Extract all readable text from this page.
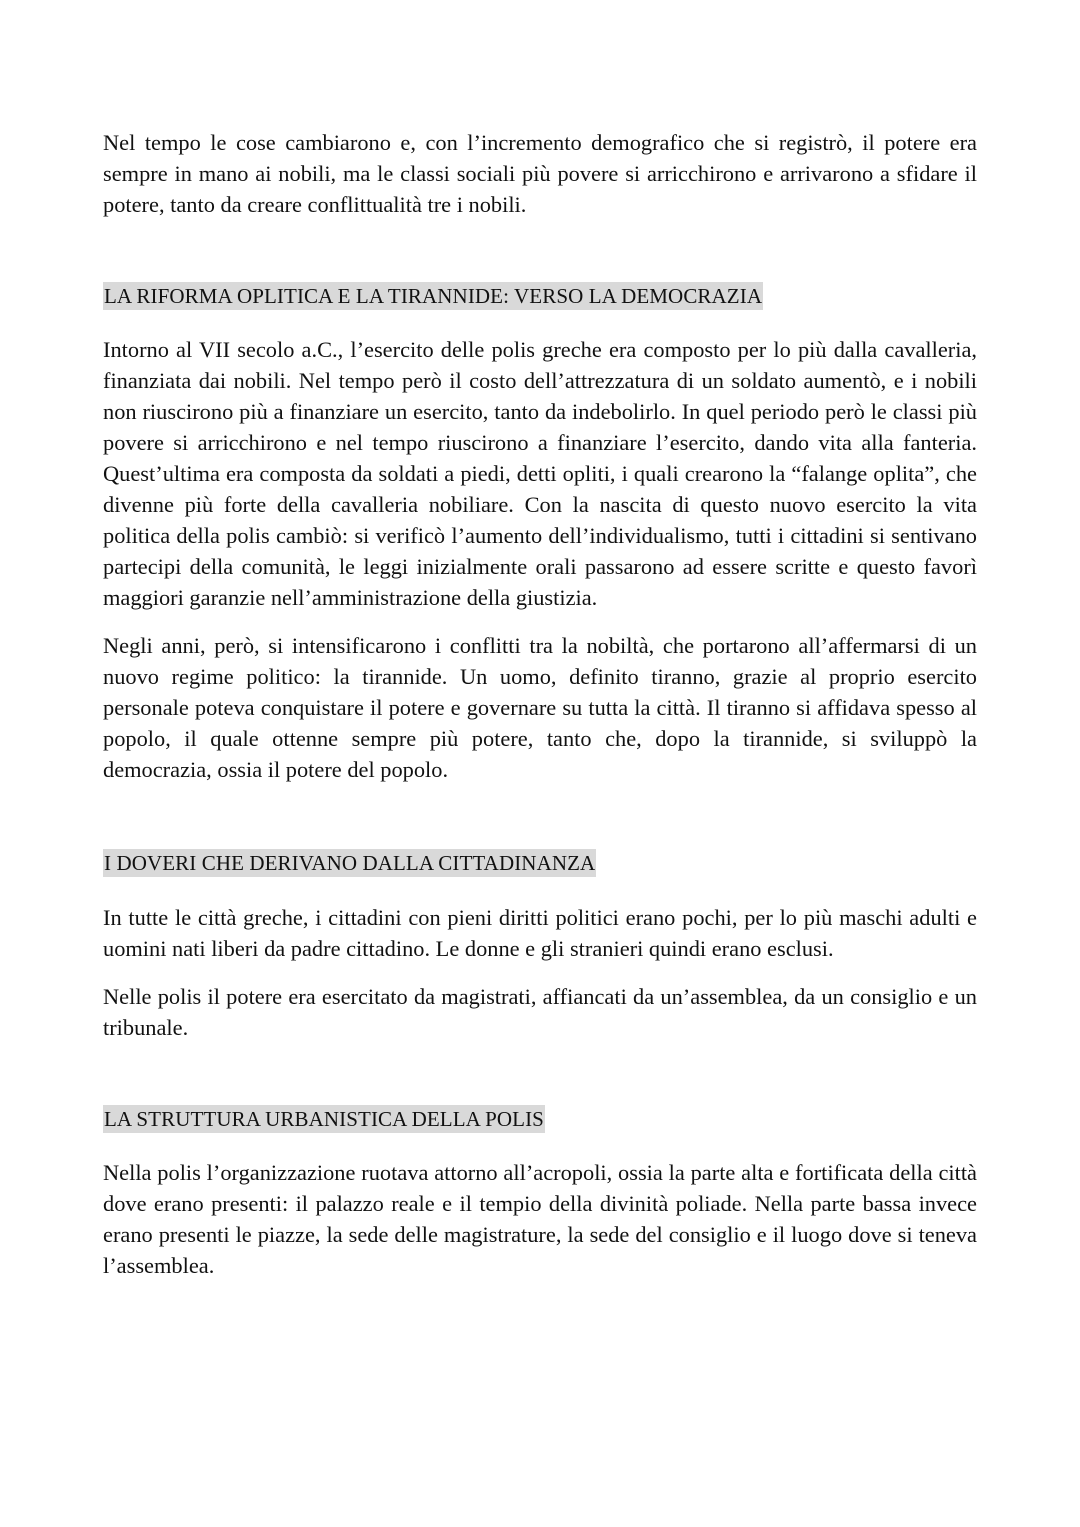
Nel tempo le cose cambiarono e, con l’incremento demografico che si registrò, il potere era sempre in mano ai nobili, ma le classi sociali più povere si arricchirono e arrivarono a sfidare il potere, tanto da creare conflittualità tre i nobili.

LA RIFORMA OPLITICA E LA TIRANNIDE: VERSO LA DEMOCRAZIA

Intorno al VII secolo a.C., l’esercito delle polis greche era composto per lo più dalla cavalleria, finanziata dai nobili. Nel tempo però il costo dell’attrezzatura di un soldato aumentò, e i nobili non riuscirono più a finanziare un esercito, tanto da indebolirlo. In quel periodo però le classi più povere si arricchirono e nel tempo riuscirono a finanziare l’esercito, dando vita alla fanteria. Quest’ultima era composta da soldati a piedi, detti opliti, i quali crearono la “falange oplita”, che divenne più forte della cavalleria nobiliare. Con la nascita di questo nuovo esercito la vita politica della polis cambiò: si verificò l’aumento dell’individualismo, tutti i cittadini si sentivano partecipi della comunità, le leggi inizialmente orali passarono ad essere scritte e questo favorì maggiori garanzie nell’amministrazione della giustizia.

Negli anni, però, si intensificarono i conflitti tra la nobiltà, che portarono all’affermarsi di un nuovo regime politico: la tirannide. Un uomo, definito tiranno, grazie al proprio esercito personale poteva conquistare il potere e governare su tutta la città. Il tiranno si affidava spesso al popolo, il quale ottenne sempre più potere, tanto che, dopo la tirannide, si sviluppò la democrazia, ossia il potere del popolo.

I DOVERI CHE DERIVANO DALLA CITTADINANZA

In tutte le città greche, i cittadini con pieni diritti politici erano pochi, per lo più maschi adulti e uomini nati liberi da padre cittadino. Le donne e gli stranieri quindi erano esclusi.

Nelle polis il potere era esercitato da magistrati, affiancati da un’assemblea, da un consiglio e un tribunale.

LA STRUTTURA URBANISTICA DELLA POLIS

Nella polis l’organizzazione ruotava attorno all’acropoli, ossia la parte alta e fortificata della città dove erano presenti: il palazzo reale e il tempio della divinità poliade. Nella parte bassa invece erano presenti le piazze, la sede delle magistrature, la sede del consiglio e il luogo dove si teneva l’assemblea.
